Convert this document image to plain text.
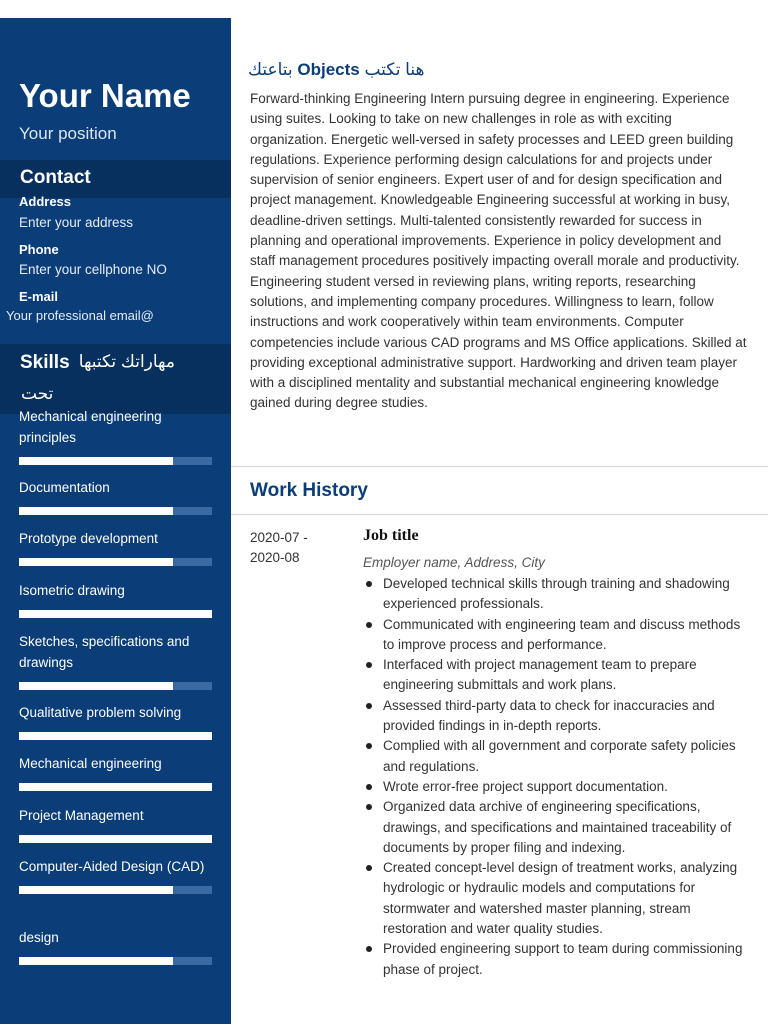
Your Name
Your position
Contact
Address
Enter your address
Phone
Enter your cellphone NO
E-mail
Your professional email@
Skills مهاراتك تكتبها
تحت
Mechanical engineering principles
Documentation
Prototype development
Isometric drawing
Sketches, specifications and drawings
Qualitative problem solving
Mechanical engineering
Project Management
Computer-Aided Design (CAD)
design
بتاعتك Objects هنا تكتب
Forward-thinking Engineering Intern pursuing degree in engineering. Experience using suites. Looking to take on new challenges in role as with exciting organization. Energetic well-versed in safety processes and LEED green building regulations. Experience performing design calculations for and projects under supervision of senior engineers. Expert user of and for design specification and project management. Knowledgeable Engineering successful at working in busy, deadline-driven settings. Multi-talented consistently rewarded for success in planning and operational improvements. Experience in policy development and staff management procedures positively impacting overall morale and productivity. Engineering student versed in reviewing plans, writing reports, researching solutions, and implementing company procedures. Willingness to learn, follow instructions and work cooperatively within team environments. Computer competencies include various CAD programs and MS Office applications. Skilled at providing exceptional administrative support. Hardworking and driven team player with a disciplined mentality and substantial mechanical engineering knowledge gained during degree studies.
Work History
2020-07 -
2020-08
Job title
Employer name, Address, City
Developed technical skills through training and shadowing experienced professionals.
Communicated with engineering team and discuss methods to improve process and performance.
Interfaced with project management team to prepare engineering submittals and work plans.
Assessed third-party data to check for inaccuracies and provided findings in in-depth reports.
Complied with all government and corporate safety policies and regulations.
Wrote error-free project support documentation.
Organized data archive of engineering specifications, drawings, and specifications and maintained traceability of documents by proper filing and indexing.
Created concept-level design of treatment works, analyzing hydrologic or hydraulic models and computations for stormwater and watershed master planning, stream restoration and water quality studies.
Provided engineering support to team during commissioning phase of project.
